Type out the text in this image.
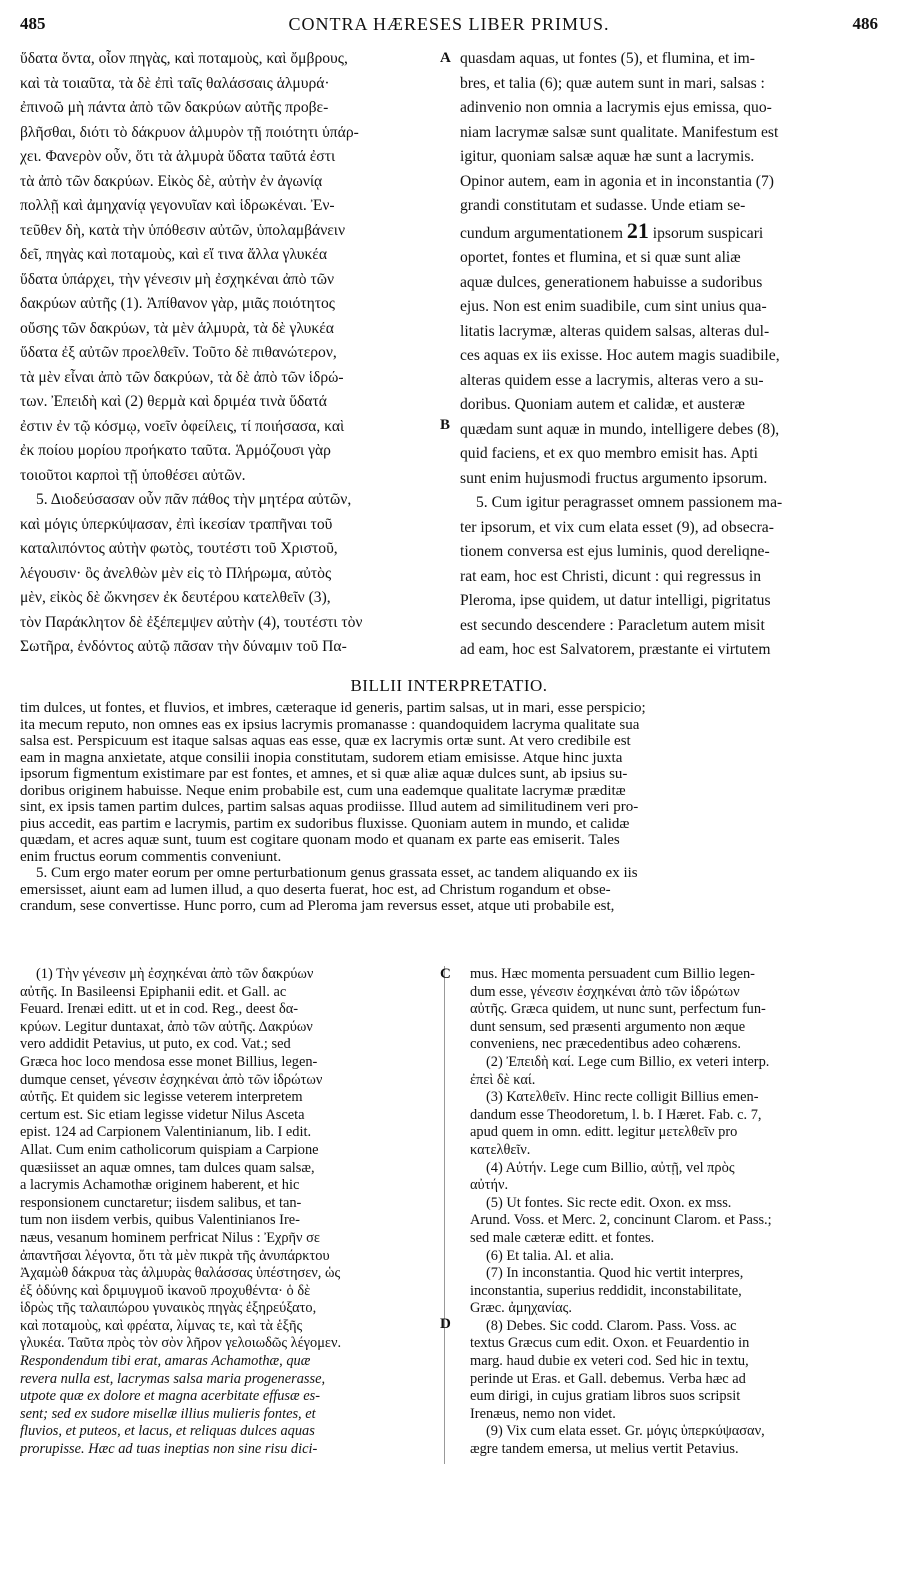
485	CONTRA HÆRESES LIBER PRIMUS.	486

ὕδατα ὄντα, οἷον πηγὰς, καὶ ποταμοὺς, καὶ ὄμβρους,

καὶ τὰ τοιαῦτα, τὰ δὲ ἐπὶ ταῖς θαλάσσαις ἁλμυρά·

ἐπινοῶ μὴ πάντα ἀπὸ τῶν δακρύων αὐτῆς προβε-

βλῆσθαι, διότι τὸ δάκρυον ἁλμυρὸν τῇ ποιότητι ὑπάρ-

χει. Φανερὸν οὖν, ὅτι τὰ ἁλμυρὰ ὕδατα ταῦτά ἐστι

τὰ ἀπὸ τῶν δακρύων. Εἰκὸς δὲ, αὐτὴν ἐν ἀγωνίᾳ

πολλῇ καὶ ἀμηχανίᾳ γεγονυῖαν καὶ ἱδρωκέναι. Ἐν-

τεῦθεν δὴ, κατὰ τὴν ὑπόθεσιν αὐτῶν, ὑπολαμβάνειν

δεῖ, πηγὰς καὶ ποταμοὺς, καὶ εἴ τινα ἄλλα γλυκέα

ὕδατα ὑπάρχει, τὴν γένεσιν μὴ ἐσχηκέναι ἀπὸ τῶν

δακρύων αὐτῆς (1). Ἀπίθανον γὰρ, μιᾶς ποιότητος

οὔσης τῶν δακρύων, τὰ μὲν ἁλμυρὰ, τὰ δὲ γλυκέα

ὕδατα ἐξ αὐτῶν προελθεῖν. Τοῦτο δὲ πιθανώτερον,

τὰ μὲν εἶναι ἀπὸ τῶν δακρύων, τὰ δὲ ἀπὸ τῶν ἱδρώ-

των. Ἐπειδὴ καὶ (2) θερμὰ καὶ δριμέα τινὰ ὕδατά

ἐστιν ἐν τῷ κόσμῳ, νοεῖν ὀφείλεις, τί ποιήσασα, καὶ

ἐκ ποίου μορίου προήκατο ταῦτα. Ἁρμόζουσι γὰρ

τοιοῦτοι καρποὶ τῇ ὑποθέσει αὐτῶν.

5. Διοδεύσασαν οὖν πᾶν πάθος τὴν μητέρα αὐτῶν,

καὶ μόγις ὑπερκύψασαν, ἐπὶ ἱκεσίαν τραπῆναι τοῦ

καταλιπόντος αὐτὴν φωτὸς, τουτέστι τοῦ Χριστοῦ,

λέγουσιν· ὃς ἀνελθὼν μὲν εἰς τὸ Πλήρωμα, αὐτὸς

μὲν, εἰκὸς δὲ ὤκνησεν ἐκ δευτέρου κατελθεῖν (3),

τὸν Παράκλητον δὲ ἐξέπεμψεν αὐτὴν (4), τουτέστι τὸν

Σωτῆρα, ἐνδόντος αὐτῷ πᾶσαν τὴν δύναμιν τοῦ Πα-

A
B

quasdam aquas, ut fontes (5), et flumina, et im-

bres, et talia (6); quæ autem sunt in mari, salsas :

adinvenio non omnia a lacrymis ejus emissa, quo-

niam lacrymæ salsæ sunt qualitate. Manifestum est

igitur, quoniam salsæ aquæ hæ sunt a lacrymis.

Opinor autem, eam in agonia et in inconstantia (7)

grandi constitutam et sudasse. Unde etiam se-

cundum argumentationem 21 ipsorum suspicari

oportet, fontes et flumina, et si quæ sunt aliæ

aquæ dulces, generationem habuisse a sudoribus

ejus. Non est enim suadibile, cum sint unius qua-

litatis lacrymæ, alteras quidem salsas, alteras dul-

ces aquas ex iis exisse. Hoc autem magis suadibile,

alteras quidem esse a lacrymis, alteras vero a su-

doribus. Quoniam autem et calidæ, et austeræ

quædam sunt aquæ in mundo, intelligere debes (8),

quid faciens, et ex quo membro emisit has. Apti

sunt enim hujusmodi fructus argumento ipsorum.

5. Cum igitur peragrasset omnem passionem ma-

ter ipsorum, et vix cum elata esset (9), ad obsecra-

tionem conversa est ejus luminis, quod dereliqne-

rat eam, hoc est Christi, dicunt : qui regressus in

Pleroma, ipse quidem, ut datur intelligi, pigritatus

est secundo descendere : Paracletum autem misit

ad eam, hoc est Salvatorem, præstante ei virtutem

BILLII INTERPRETATIO.

tim dulces, ut fontes, et fluvios, et imbres, cæteraque id generis, partim salsas, ut in mari, esse perspicio;

ita mecum reputo, non omnes eas ex ipsius lacrymis promanasse : quandoquidem lacryma qualitate sua

salsa est. Perspicuum est itaque salsas aquas eas esse, quæ ex lacrymis ortæ sunt. At vero credibile est

eam in magna anxietate, atque consilii inopia constitutam, sudorem etiam emisisse. Atque hinc juxta

ipsorum figmentum existimare par est fontes, et amnes, et si quæ aliæ aquæ dulces sunt, ab ipsius su-

doribus originem habuisse. Neque enim probabile est, cum una eademque qualitate lacrymæ præditæ

sint, ex ipsis tamen partim dulces, partim salsas aquas prodiisse. Illud autem ad similitudinem veri pro-

pius accedit, eas partim e lacrymis, partim ex sudoribus fluxisse. Quoniam autem in mundo, et calidæ

quædam, et acres aquæ sunt, tuum est cogitare quonam modo et quanam ex parte eas emiserit. Tales

enim fructus eorum commentis conveniunt.

5. Cum ergo mater eorum per omne perturbationum genus grassata esset, ac tandem aliquando ex iis

emersisset, aiunt eam ad lumen illud, a quo deserta fuerat, hoc est, ad Christum rogandum et obse-

crandum, sese convertisse. Hunc porro, cum ad Pleroma jam reversus esset, atque uti probabile est,

C
D

(1) Τὴν γένεσιν μὴ ἐσχηκέναι ἀπὸ τῶν δακρύων

αὐτῆς. In Basileensi Epiphanii edit. et Gall. ac

Feuard. Irenæi editt. ut et in cod. Reg., deest δα-

κρύων. Legitur duntaxat, ἀπὸ τῶν αὐτῆς. Δακρύων

vero addidit Petavius, ut puto, ex cod. Vat.; sed

Græca hoc loco mendosa esse monet Billius, legen-

dumque censet, γένεσιν ἐσχηκέναι ἀπὸ τῶν ἱδρώτων

αὐτῆς. Et quidem sic legisse veterem interpretem

certum est. Sic etiam legisse videtur Nilus Asceta

epist. 124 ad Carpionem Valentinianum, lib. I edit.

Allat. Cum enim catholicorum quispiam a Carpione

quæsiisset an aquæ omnes, tam dulces quam salsæ,

a lacrymis Achamothæ originem haberent, et hic

responsionem cunctaretur; iisdem salibus, et tan-

tum non iisdem verbis, quibus Valentinianos Ire-

næus, vesanum hominem perfricat Nilus : Ἐχρῆν σε

ἀπαντῆσαι λέγοντα, ὅτι τὰ μὲν πικρὰ τῆς ἀνυπάρκτου

Ἀχαμὼθ δάκρυα τὰς ἁλμυρὰς θαλάσσας ὑπέστησεν, ὡς

ἐξ ὀδύνης καὶ δριμυγμοῦ ἱκανοῦ προχυθέντα· ὁ δὲ

ἱδρὼς τῆς ταλαιπώρου γυναικὸς πηγὰς ἐξηρεύξατο,

καὶ ποταμοὺς, καὶ φρέατα, λίμνας τε, καὶ τὰ ἑξῆς

γλυκέα. Ταῦτα πρὸς τὸν σὸν λῆρον γελοιωδῶς λέγομεν.

Respondendum tibi erat, amaras Achamothæ, quæ

revera nulla est, lacrymas salsa maria progenerasse,

utpote quæ ex dolore et magna acerbitate effusæ es-

sent; sed ex sudore misellæ illius mulieris fontes, et

fluvios, et puteos, et lacus, et reliquas dulces aquas

prorupisse. Hæc ad tuas ineptias non sine risu dici-

mus. Hæc momenta persuadent cum Billio legen-

dum esse, γένεσιν ἐσχηκέναι ἀπὸ τῶν ἱδρώτων

αὐτῆς. Græca quidem, ut nunc sunt, perfectum fun-

dunt sensum, sed præsenti argumento non æque

conveniens, nec præcedentibus adeo cohærens.

(2) Ἐπειδὴ καί. Lege cum Billio, ex veteri interp.

ἐπεὶ δὲ καί.

(3) Κατελθεῖν. Hinc recte colligit Billius emen-

dandum esse Theodoretum, l. b. I Hæret. Fab. c. 7,

apud quem in omn. editt. legitur μετελθεῖν pro

κατελθεῖν.

(4) Αὐτήν. Lege cum Billio, αὐτῇ, vel πρὸς

αὐτήν.

(5) Ut fontes. Sic recte edit. Oxon. ex mss.

Arund. Voss. et Merc. 2, concinunt Clarom. et Pass.;

sed male cæteræ editt. et fontes.

(6) Et talia. Al. et alia.

(7) In inconstantia. Quod hic vertit interpres,

inconstantia, superius reddidit, inconstabilitate,

Græc. ἀμηχανίας.

(8) Debes. Sic codd. Clarom. Pass. Voss. ac

textus Græcus cum edit. Oxon. et Feuardentio in

marg. haud dubie ex veteri cod. Sed hic in textu,

perinde ut Eras. et Gall. debemus. Verba hæc ad

eum dirigi, in cujus gratiam libros suos scripsit

Irenæus, nemo non videt.

(9) Vix cum elata esset. Gr. μόγις ὑπερκύψασαν,

ægre tandem emersa, ut melius vertit Petavius.
